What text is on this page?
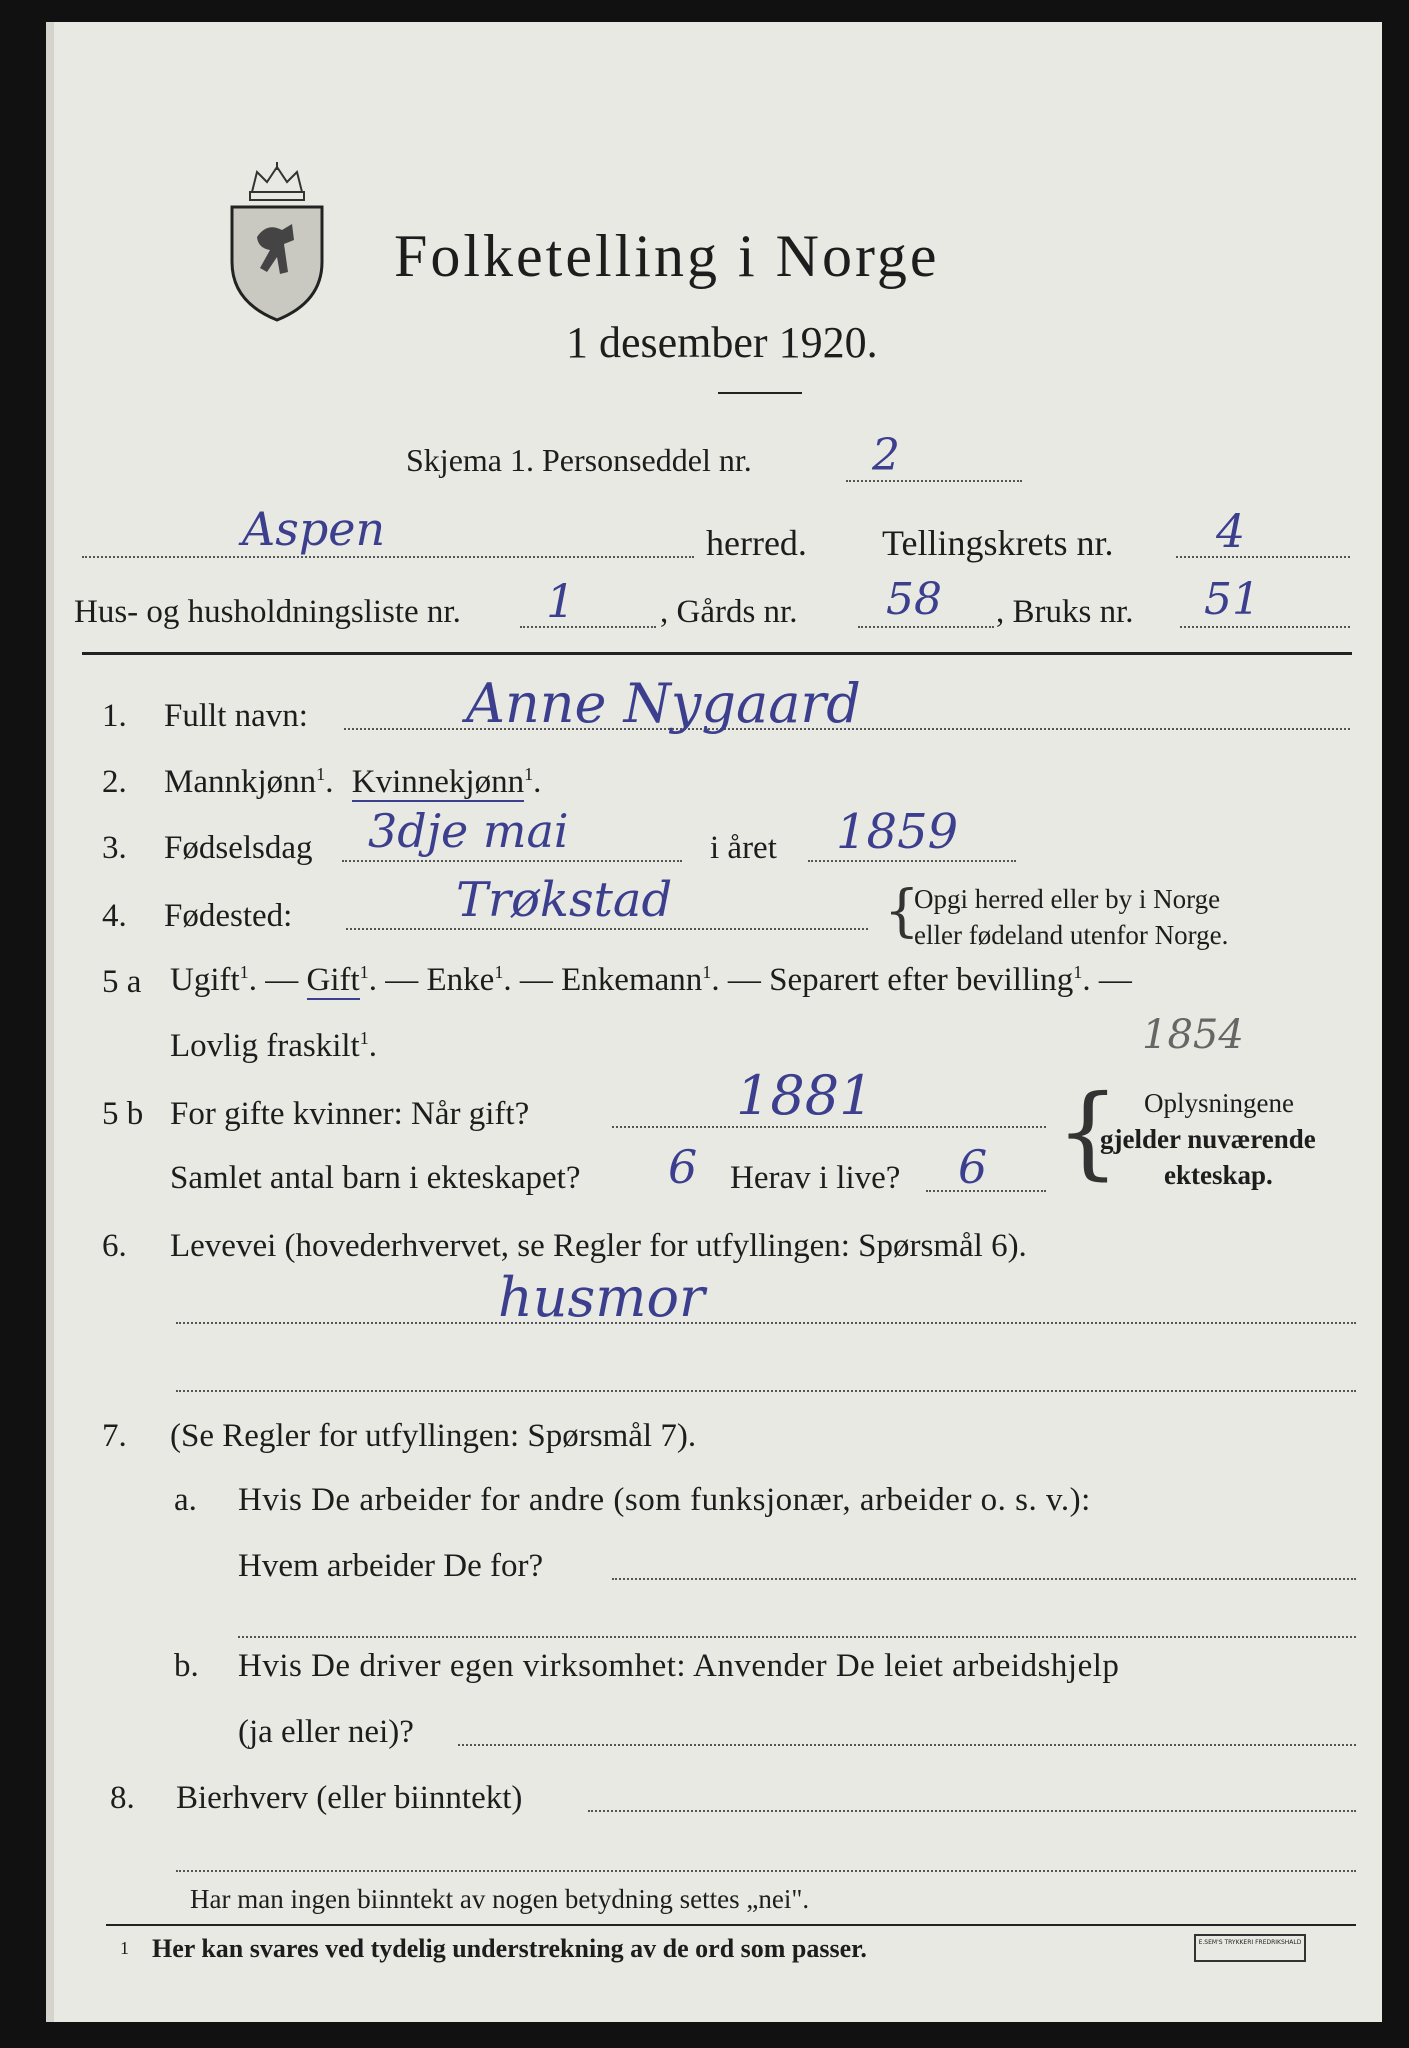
Folketelling i Norge
1 desember 1920.
Skjema 1. Personseddel nr.	2
Aspen	herred. Tellingskrets nr. 4
Hus- og husholdningsliste nr. 1	, Gårds nr. 58 , Bruks nr. 51
1. Fullt navn:	Anne Nygaard
2. Mannkjønn$^1$. Kvinnekjønn$^1$.
3. Fødselsdag 3dje mai	i året 1859
4. Fødested:	Trøkstad	{
Opgi herred eller by i Norge
eller fødeland utenfor Norge.
5 a Ugift$^1$. — Gift$^1$. — Enke$^1$. — Enkemann$^1$. — Separert efter bevilling$^1$. —
Lovlig fraskilt$^1$.	1854
5 b For gifte kvinner: Når gift?	1881
Samlet antal barn i ekteskapet? 6 Herav i live? 6 { Oplysningene
gjelder nuværende
ekteskap.
6. Levevei (hovederhvervet, se Regler for utfyllingen: Spørsmål 6).
husmor
7. (Se Regler for utfyllingen: Spørsmål 7).
a. Hvis De arbeider for andre (som funksjonær, arbeider o. s. v.):
Hvem arbeider De for?
b. Hvis De driver egen virksomhet: Anvender De leiet arbeidshjelp
(ja eller nei)?
8. Bierhverv (eller biinntekt)
Har man ingen biinntekt av nogen betydning settes „nei".
1 Her kan svares ved tydelig understrekning av de ord som passer.	E.SEM'S TRYKKERI FREDRIKSHALD
